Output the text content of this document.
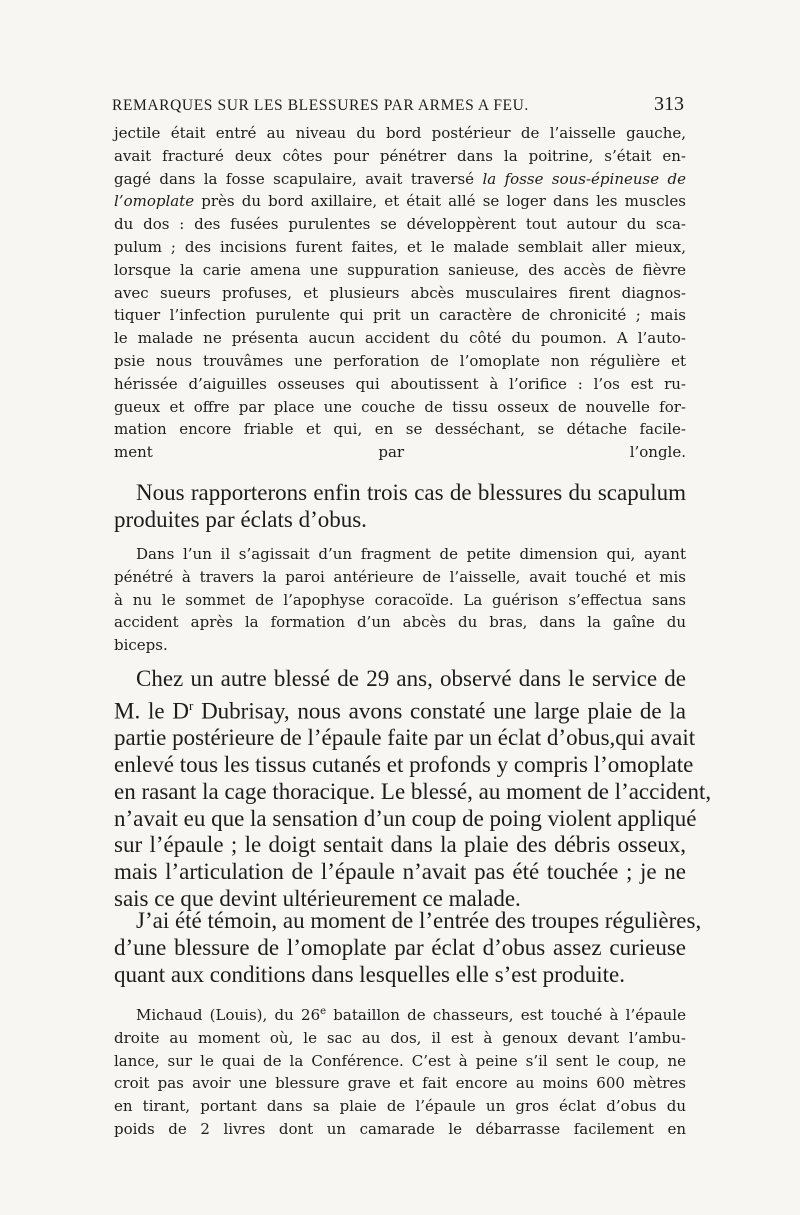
REMARQUES SUR LES BLESSURES PAR ARMES A FEU.	313
jectile était entré au niveau du bord postérieur de l’aisselle gauche,
avait fracturé deux côtes pour pénétrer dans la poitrine, s’était en-
gagé dans la fosse scapulaire, avait traversé la fosse sous-épineuse de
l’omoplate près du bord axillaire, et était allé se loger dans les muscles
du dos : des fusées purulentes se développèrent tout autour du sca-
pulum ; des incisions furent faites, et le malade semblait aller mieux,
lorsque la carie amena une suppuration sanieuse, des accès de fièvre
avec sueurs profuses, et plusieurs abcès musculaires firent diagnos-
tiquer l’infection purulente qui prit un caractère de chronicité ; mais
le malade ne présenta aucun accident du côté du poumon. A l’auto-
psie nous trouvâmes une perforation de l’omoplate non régulière et
hérissée d’aiguilles osseuses qui aboutissent à l’orifice : l’os est ru-
gueux et offre par place une couche de tissu osseux de nouvelle for-
mation encore friable et qui, en se desséchant, se détache facile-
ment par l’ongle.
Nous rapporterons enfin trois cas de blessures du scapulum
produites par éclats d’obus.
Dans l’un il s’agissait d’un fragment de petite dimension qui, ayant
pénétré à travers la paroi antérieure de l’aisselle, avait touché et mis
à nu le sommet de l’apophyse coracoïde. La guérison s’effectua sans
accident après la formation d’un abcès du bras, dans la gaîne du
biceps.
Chez un autre blessé de 29 ans, observé dans le service de
M. le $D^r$ Dubrisay, nous avons constaté une large plaie de la
partie postérieure de l’épaule faite par un éclat d’obus,qui avait
enlevé tous les tissus cutanés et profonds y compris l’omoplate
en rasant la cage thoracique. Le blessé, au moment de l’accident,
n’avait eu que la sensation d’un coup de poing violent appliqué
sur l’épaule ; le doigt sentait dans la plaie des débris osseux,
mais l’articulation de l’épaule n’avait pas été touchée ; je ne
sais ce que devint ultérieurement ce malade.
J’ai été témoin, au moment de l’entrée des troupes régulières,
d’une blessure de l’omoplate par éclat d’obus assez curieuse
quant aux conditions dans lesquelles elle s’est produite.
Michaud (Louis), du 26e bataillon de chasseurs, est touché à l’épaule
droite au moment où, le sac au dos, il est à genoux devant l’ambu-
lance, sur le quai de la Conférence. C’est à peine s’il sent le coup, ne
croit pas avoir une blessure grave et fait encore au moins 600 mètres
en tirant, portant dans sa plaie de l’épaule un gros éclat d’obus du
poids de 2 livres dont un camarade le débarrasse facilement en
